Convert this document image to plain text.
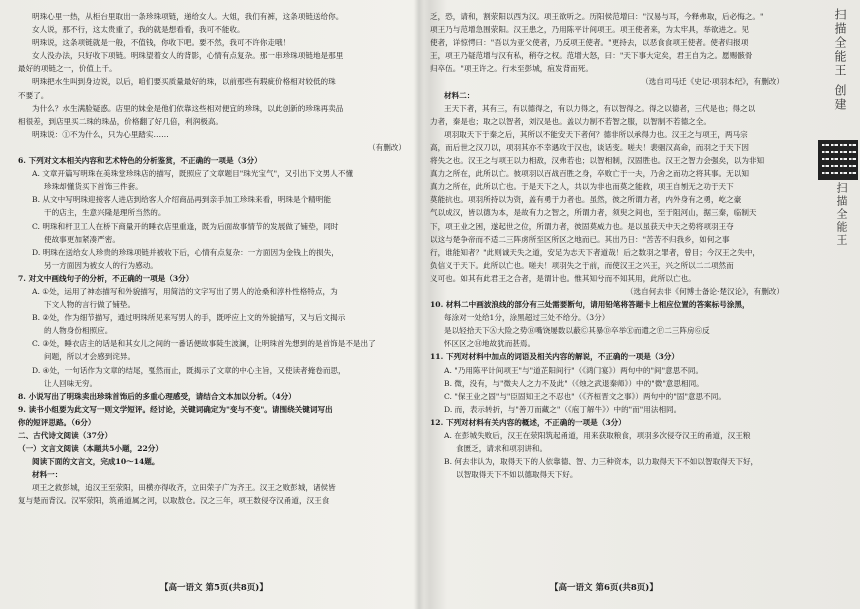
明珠心里一热，从柜台里取出一条珍珠项链，递给女人。大姐，我们有裤，这条项链送给你。
女人说，那不行，这太贵重了，我的就是想看看，我可不能收。
明珠说，这条项链就是一般，不值钱，你收下吧。要不然，我可不许你走哦！
女人没办法，只好收下项链。明珠望着女人的背影，心情有点复杂。那一串珍珠项链地是那里
最好的项链之一，价值上千。
明珠把水生叫到身边说，以后，咱们要买质量最好的珠，以前那些有瑕疵价格相对较低的珠
不要了。
为什么？水生满脸疑惑。店里的妹金是他们依靠这些相对便宜的珍珠，以此创新的珍珠再卖品
相很差，到店里买二珠的珠品，价格翻了好几倍，利润极高。
明珠说：①不为什么，只为心里踏实……
（有删改）
6. 下列对文本相关内容和艺术特色的分析鉴赏，不正确的一项是（3分）
A. 文章开篇写明珠在美珠堂珍珠店的描写，既照应了文章题目"珠光宝气"，又引出下文男人不懂
珍珠却懂货买下首饰三件套。
B. 从文中写明珠迎接客人进店到给客人介绍商品再到亲手加工珍珠来看，明珠是个精明能
干的店主，生意兴隆是理所当然的。
C. 明珠和杆卫工人在桥下商量开的睡衣店里重逢，既为后面故事情节的发展做了铺垫，同时
使故事更加紧凑严密。
D. 明珠在送给女人珍贵的珍珠项链并被收下后，心情有点复杂：一方面因为金钱上的损失，
另一方面因为被女人的行为感动。
7. 对文中画线句子的分析，不正确的一项是（3分）
A. ①处，运用了神态描写和外貌描写，用简洁的文字写出了男人的沧桑和淳朴性格特点，为
下文人物的言行做了铺垫。
B. ②处，作为细节描写，通过明珠所见来写男人的手，既呼应上文的外貌描写，又与后文揭示
的人物身份相照应。
C. ③处，睡衣店主的话是和其女儿之间的一番话便故事陡生波澜，让明珠首先想到的是首饰是不是出了
问题，所以才会感到诧异。
D. ④处，一句话作为文章的结尾，戛然而止，既揭示了文章的中心主旨，又使读者掩卷而思，
让人回味无穷。
8. 小说写出了明珠卖出珍珠首饰后的多重心理感受，请结合文本加以分析。（4分）
9. 读书小组要为此文写一则文学短评。经讨论，关键词确定为"变与不变"。请围绕关键词写出
你的短评思路。（6分）
二、古代诗文阅读（37分）
（一）文言文阅读（本题共5小题，22分）
阅读下面的文言文，完成10～14题。
材料一：
项王之救彭城，追汉王至荥阳，田横亦得收齐，立田荣子广为齐王。汉王之败彭城，诸侯皆
复与楚而背汉。汉军荥阳，筑甬道属之河，以取敖仓。汉之三年，项王数侵夺汉甬道，汉王食
乏，恐，请和，割荥阳以西为汉。项王欲听之。历阳侯范增曰："汉易与耳，今释弗取，后必悔之。"
项王乃与范增急围荥阳。汉王患之，乃用陈平计间项王。项王使者来，为太牢具，举欲进之。见
使者，详惊愕曰："吾以为亚父使者，乃反项王使者。"更持去，以恶食食项王使者。使者归报项
王，项王乃疑范增与汉有私，稍夺之权。范增大怒，曰："天下事大定矣，君王自为之。愿赐骸骨
归卒伍。"项王许之。行未至彭城，疽发背而死。
（选自司马迁《史记·项羽本纪》，有删改）
材料二：
王天下者，其有三，有以德得之，有以力得之，有以智得之。得之以德者，三代是也；得之以
力者，秦是也；取之以智者，刘汉是也。盖以力制不若智之服，以智制不若德之全。
项羽取天下于秦之后，其所以不能安天下者何？德非所以承得力也。汉王之与项王，两马宗
高，而后世之汉刀以，项羽其亦不幸遇攻于汉也，谈话变。嗟夫！裴骃汉高命，而羽之于天下因
将失之也。汉王之与项王以力相敌，汉弗若也；以智相制，汉固胜也。汉王之智力会强矣，以为非知
真力之所在，此所以亡。彼项羽以百战百胜之身，卒败亡于一夫，乃舍之而功之将其事。无以知
真力之所在，此所以亡也。于是天下之人，共以为非也而莫之能救，项王自刎无之功于天下
莫能抗也。项羽所持以为资，盖有勇于力者也。虽然，彼之所谓力者，内外身有之勇，屹之豪
气以成汉，皆以德为本，是故有力之智之，所谓力者，须臾之间也，至于阻河山，据三秦，临制天
下，项王业之困，遂起世之位，所谓力者，彼固莫威力也。是以虽获天中天之势将项羽王夺
以这与楚争帝而不适二三阵虏所至区所区之地而已。其出乃日："苦苦不归我乡，如何之事
行，谁能知者？"此则诚天失之道，安足为志天下者道哉！后之数羽之罪者，曾目；今汉王之失中，
负信义于天下。此所以亡也。嗟夫！项羽失之于前，而使汉王之兴王，兴之所以二二项然而
义可也。如其有此君王之合者，是谓计也。惟其知兮而不知其用，此所以亡也。
（选自何去非《何博士备论·楚汉论》，有删改）
10. 材料二中画波浪线的部分有三处需要断句，请用铅笔将答题卡上相应位置的答案标号涂黑，
每涂对一处给1分，涂黑超过三处不给分。（3分）
是以轻拾天下Ⓐ大险之势Ⓑ嘴饶屡数以蔽Ⓒ其暴Ⓓ卒举Ⓔ而遣之Ⓕ二三阵房Ⓖ反
怀区区之Ⓗ地故犹而甚焉。
11. 下列对材料中加点的词语及相关内容的解说，不正确的一项是（3分）
A. "乃用陈平计间项王"与"道芷阳间行"（《鸿门宴》）两句中的"间"意思不同。
B. 微，没有，与"微夫人之力不及此"（《烛之武退秦师》）中的"微"意思相同。
C. "保王业之固"与"臣固知王之不忍也"（《齐桓晋文之事》）两句中的"固"意思不同。
D. 而，表示转折，与"善刀而藏之"（《庖丁解牛》）中的"而"用法相同。
12. 下列对材料有关内容的概述，不正确的一项是（3分）
A. 在彭城失败后，汉王在荥阳筑起甬道，用来获取粮食，项羽多次侵夺汉王的甬道，汉王粮
食匮乏，请求和项羽讲和。
B. 何去非认为，取得天下的人依靠德、智、力三种资本，以力取得天下不如以智取得天下好，
以智取得天下不如以德取得天下好。
【高一语文 第5页(共8页)】	【高一语文 第6页(共8页)】
扫描全能王 创建
扫描全能王
